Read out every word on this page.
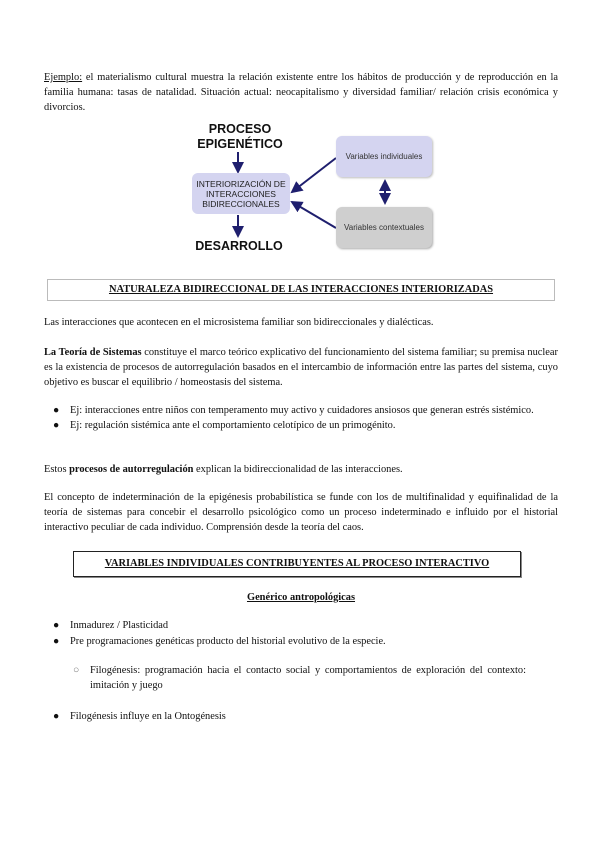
Ejemplo: el materialismo cultural muestra la relación existente entre los hábitos de producción y de reproducción en la familia humana: tasas de natalidad. Situación actual: neocapitalismo y diversidad familiar/ relación crisis económica y divorcios.

PROCESO
EPIGENÉTICO
INTERIORIZACIÓN DE INTERACCIONES BIDIRECCIONALES
DESARROLLO
Variables individuales
Variables contextuales
NATURALEZA BIDIRECCIONAL DE LAS INTERACCIONES INTERIORIZADAS

Las interacciones que acontecen en el microsistema familiar son bidireccionales y dialécticas.

La Teoría de Sistemas constituye el marco teórico explicativo del funcionamiento del sistema familiar; su premisa nuclear es la existencia de procesos de autorregulación basados en el intercambio de información entre las partes del sistema, cuyo objetivo es buscar el equilibrio / homeostasis del sistema.

● Ej: interacciones entre niños con temperamento muy activo y cuidadores ansiosos que generan estrés sistémico.
● Ej: regulación sistémica ante el comportamiento celotípico de un primogénito.

Estos procesos de autorregulación explican la bidireccionalidad de las interacciones.

El concepto de indeterminación de la epigénesis probabilística se funde con los de multifinalidad y equifinalidad de la teoría de sistemas para concebir el desarrollo psicológico como un proceso indeterminado e influido por el historial interactivo peculiar de cada individuo. Comprensión desde la teoría del caos.

VARIABLES INDIVIDUALES CONTRIBUYENTES AL PROCESO INTERACTIVO
Genérico antropológicas
● Inmadurez / Plasticidad
● Pre programaciones genéticas producto del historial evolutivo de la especie.
○ Filogénesis: programación hacia el contacto social y comportamientos de exploración del contexto: imitación y juego
● Filogénesis influye en la Ontogénesis
